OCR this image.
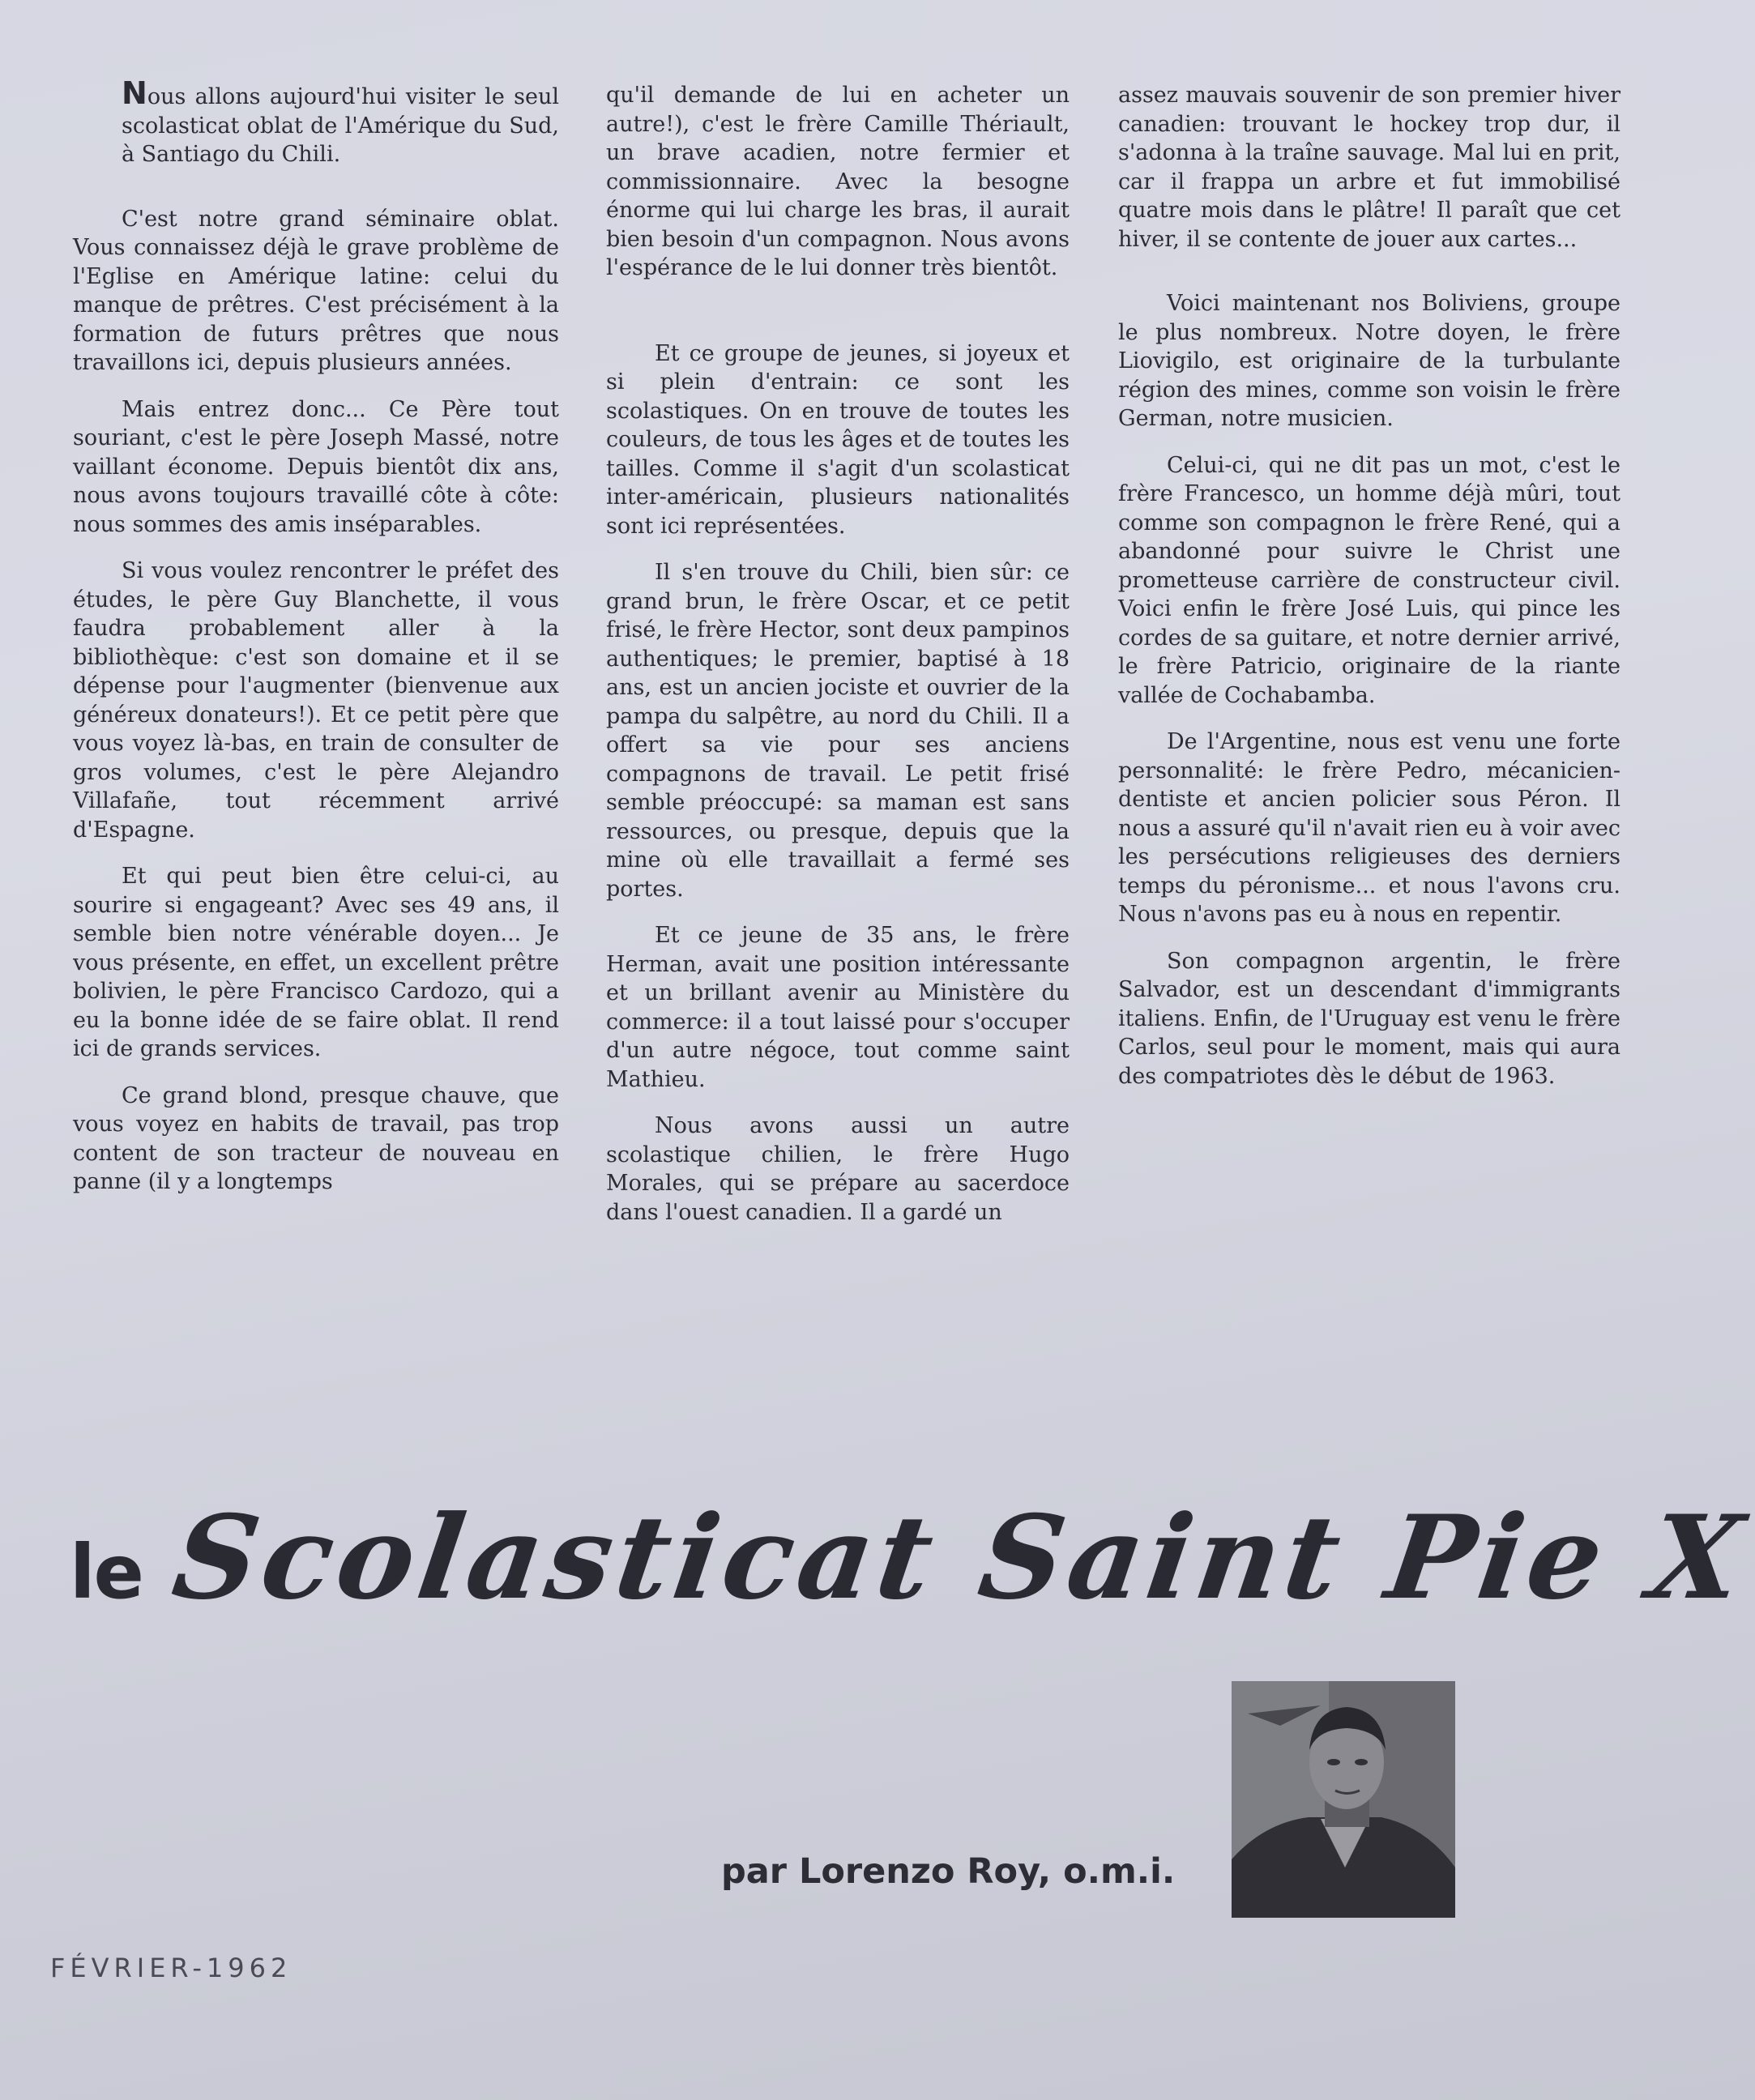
Nous allons aujourd'hui visiter le seul scolasticat oblat de l'Amérique du Sud, à Santiago du Chili.

C'est notre grand séminaire oblat. Vous connaissez déjà le grave problème de l'Eglise en Amérique latine: celui du manque de prêtres. C'est précisément à la formation de futurs prêtres que nous travaillons ici, depuis plusieurs années.

Mais entrez donc... Ce Père tout souriant, c'est le père Joseph Massé, notre vaillant économe. Depuis bientôt dix ans, nous avons toujours travaillé côte à côte: nous sommes des amis inséparables.

Si vous voulez rencontrer le préfet des études, le père Guy Blanchette, il vous faudra probablement aller à la bibliothèque: c'est son domaine et il se dépense pour l'augmenter (bienvenue aux généreux donateurs!). Et ce petit père que vous voyez là-bas, en train de consulter de gros volumes, c'est le père Alejandro Villafañe, tout récemment arrivé d'Espagne.

Et qui peut bien être celui-ci, au sourire si engageant? Avec ses 49 ans, il semble bien notre vénérable doyen... Je vous présente, en effet, un excellent prêtre bolivien, le père Francisco Cardozo, qui a eu la bonne idée de se faire oblat. Il rend ici de grands services.

Ce grand blond, presque chauve, que vous voyez en habits de travail, pas trop content de son tracteur de nouveau en panne (il y a longtemps

qu'il demande de lui en acheter un autre!), c'est le frère Camille Thériault, un brave acadien, notre fermier et commissionnaire. Avec la besogne énorme qui lui charge les bras, il aurait bien besoin d'un compagnon. Nous avons l'espérance de le lui donner très bientôt.

Et ce groupe de jeunes, si joyeux et si plein d'entrain: ce sont les scolastiques. On en trouve de toutes les couleurs, de tous les âges et de toutes les tailles. Comme il s'agit d'un scolasticat inter-américain, plusieurs nationalités sont ici représentées.

Il s'en trouve du Chili, bien sûr: ce grand brun, le frère Oscar, et ce petit frisé, le frère Hector, sont deux pampinos authentiques; le premier, baptisé à 18 ans, est un ancien jociste et ouvrier de la pampa du salpêtre, au nord du Chili. Il a offert sa vie pour ses anciens compagnons de travail. Le petit frisé semble préoccupé: sa maman est sans ressources, ou presque, depuis que la mine où elle travaillait a fermé ses portes.

Et ce jeune de 35 ans, le frère Herman, avait une position intéressante et un brillant avenir au Ministère du commerce: il a tout laissé pour s'occuper d'un autre négoce, tout comme saint Mathieu.

Nous avons aussi un autre scolastique chilien, le frère Hugo Morales, qui se prépare au sacerdoce dans l'ouest canadien. Il a gardé un

assez mauvais souvenir de son premier hiver canadien: trouvant le hockey trop dur, il s'adonna à la traîne sauvage. Mal lui en prit, car il frappa un arbre et fut immobilisé quatre mois dans le plâtre! Il paraît que cet hiver, il se contente de jouer aux cartes...

Voici maintenant nos Boliviens, groupe le plus nombreux. Notre doyen, le frère Liovigilo, est originaire de la turbulante région des mines, comme son voisin le frère German, notre musicien.

Celui-ci, qui ne dit pas un mot, c'est le frère Francesco, un homme déjà mûri, tout comme son compagnon le frère René, qui a abandonné pour suivre le Christ une prometteuse carrière de constructeur civil. Voici enfin le frère José Luis, qui pince les cordes de sa guitare, et notre dernier arrivé, le frère Patricio, originaire de la riante vallée de Cochabamba.

De l'Argentine, nous est venu une forte personnalité: le frère Pedro, mécanicien-dentiste et ancien policier sous Péron. Il nous a assuré qu'il n'avait rien eu à voir avec les persécutions religieuses des derniers temps du péronisme... et nous l'avons cru. Nous n'avons pas eu à nous en repentir.

Son compagnon argentin, le frère Salvador, est un descendant d'immigrants italiens. Enfin, de l'Uruguay est venu le frère Carlos, seul pour le moment, mais qui aura des compatriotes dès le début de 1963.

le Scolasticat Saint Pie X
par Lorenzo Roy, o.m.i.
FÉVRIER-1962
